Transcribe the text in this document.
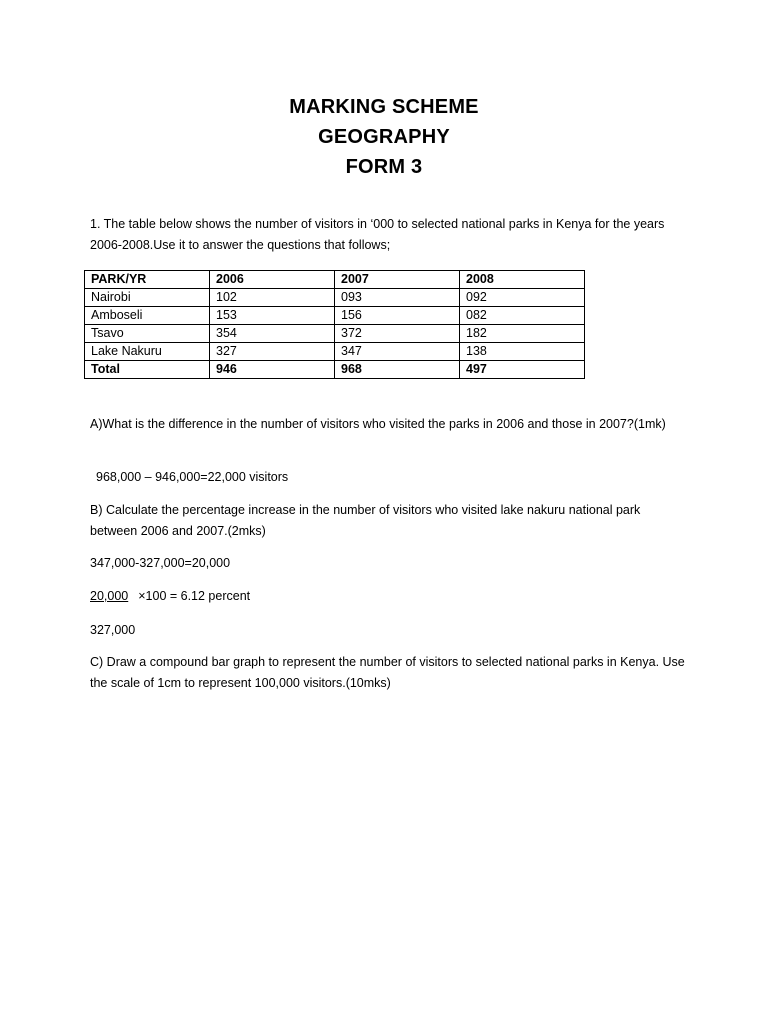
MARKING SCHEME
GEOGRAPHY
FORM 3
1. The table below shows the number of visitors in ‘000 to selected national parks in Kenya for the years 2006-2008.Use it to answer the questions that follows;
PARK/YR	2006	2007	2008
Nairobi	102	093	092
Amboseli	153	156	082
Tsavo	354	372	182
Lake Nakuru	327	347	138
Total	946	968	497
A)What is the difference in the number of visitors who visited the parks in 2006 and those in 2007?(1mk)
968,000 – 946,000=22,000 visitors
B) Calculate the percentage increase in the number of visitors who visited lake nakuru national park between 2006 and 2007.(2mks)
347,000-327,000=20,000
20,000 ×100 = 6.12 percent
327,000
C) Draw a compound bar graph to represent the number of visitors to selected national parks in Kenya. Use the scale of 1cm to represent 100,000 visitors.(10mks)
